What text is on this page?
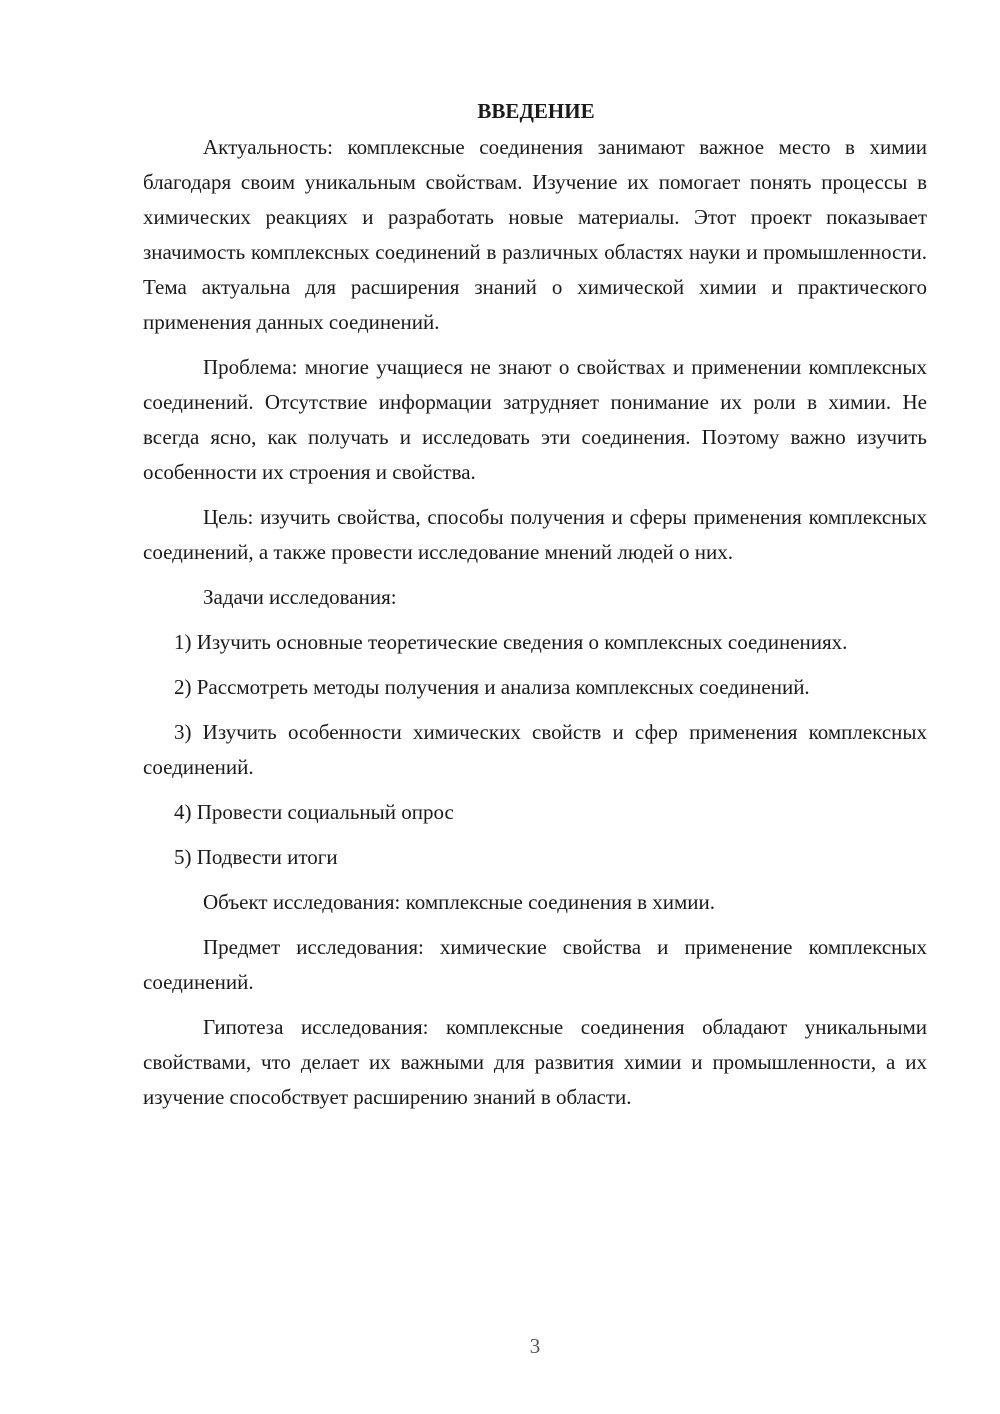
ВВЕДЕНИЕ

Актуальность: комплексные соединения занимают важное место в химии благодаря своим уникальным свойствам. Изучение их помогает понять процессы в химических реакциях и разработать новые материалы. Этот проект показывает значимость комплексных соединений в различных областях науки и промышленности. Тема актуальна для расширения знаний о химической химии и практического применения данных соединений.

Проблема: многие учащиеся не знают о свойствах и применении комплексных соединений. Отсутствие информации затрудняет понимание их роли в химии. Не всегда ясно, как получать и исследовать эти соединения. Поэтому важно изучить особенности их строения и свойства.

Цель: изучить свойства, способы получения и сферы применения комплексных соединений, а также провести исследование мнений людей о них.

Задачи исследования:

1) Изучить основные теоретические сведения о комплексных соединениях.

2) Рассмотреть методы получения и анализа комплексных соединений.

3) Изучить особенности химических свойств и сфер применения комплексных соединений.

4) Провести социальный опрос

5) Подвести итоги

Объект исследования: комплексные соединения в химии.

Предмет исследования: химические свойства и применение комплексных соединений.

Гипотеза исследования: комплексные соединения обладают уникальными свойствами, что делает их важными для развития химии и промышленности, а их изучение способствует расширению знаний в области.

3
